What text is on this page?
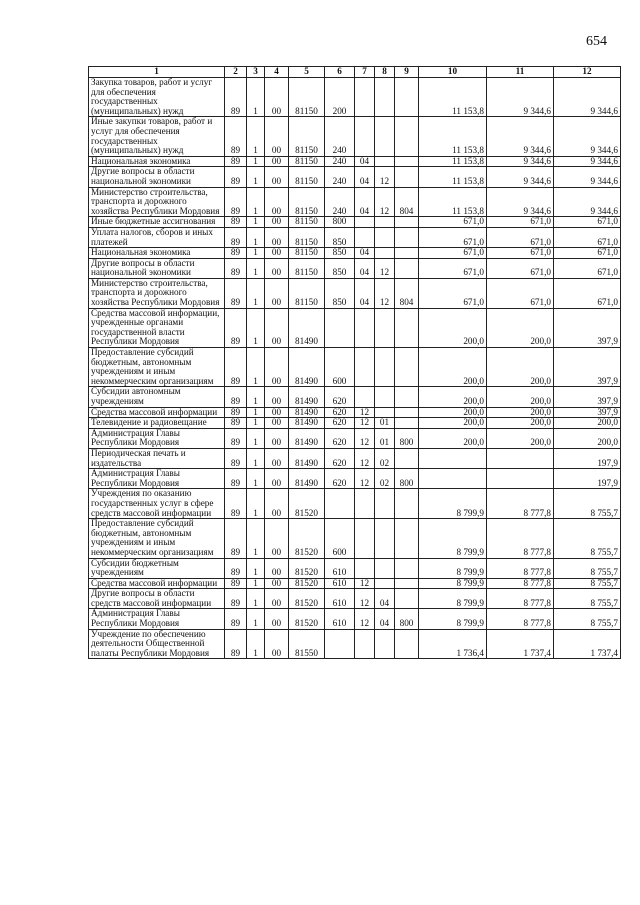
654
1	2	3	4	5	6	7	8	9	10	11	12
Закупка товаров, работ и услуг для обеспечения государственных (муниципальных) нужд	89	1	00	81150	200				11 153,8	9 344,6	9 344,6
Иные закупки товаров, работ и услуг для обеспечения государственных (муниципальных) нужд	89	1	00	81150	240				11 153,8	9 344,6	9 344,6
Национальная экономика	89	1	00	81150	240	04			11 153,8	9 344,6	9 344,6
Другие вопросы в области национальной экономики	89	1	00	81150	240	04	12		11 153,8	9 344,6	9 344,6
Министерство строительства, транспорта и дорожного хозяйства Республики Мордовия	89	1	00	81150	240	04	12	804	11 153,8	9 344,6	9 344,6
Иные бюджетные ассигнования	89	1	00	81150	800				671,0	671,0	671,0
Уплата налогов, сборов и иных платежей	89	1	00	81150	850				671,0	671,0	671,0
Национальная экономика	89	1	00	81150	850	04			671,0	671,0	671,0
Другие вопросы в области национальной экономики	89	1	00	81150	850	04	12		671,0	671,0	671,0
Министерство строительства, транспорта и дорожного хозяйства Республики Мордовия	89	1	00	81150	850	04	12	804	671,0	671,0	671,0
Средства массовой информации, учрежденные органами государственной власти Республики Мордовия	89	1	00	81490					200,0	200,0	397,9
Предоставление субсидий бюджетным, автономным учреждениям и иным некоммерческим организациям	89	1	00	81490	600				200,0	200,0	397,9
Субсидии автономным учреждениям	89	1	00	81490	620				200,0	200,0	397,9
Средства массовой информации	89	1	00	81490	620	12			200,0	200,0	397,9
Телевидение и радиовещание	89	1	00	81490	620	12	01		200,0	200,0	200,0
Администрация Главы Республики Мордовия	89	1	00	81490	620	12	01	800	200,0	200,0	200,0
Периодическая печать и издательства	89	1	00	81490	620	12	02				197,9
Администрация Главы Республики Мордовия	89	1	00	81490	620	12	02	800			197,9
Учреждения по оказанию государственных услуг в сфере средств массовой информации	89	1	00	81520					8 799,9	8 777,8	8 755,7
Предоставление субсидий бюджетным, автономным учреждениям и иным некоммерческим организациям	89	1	00	81520	600				8 799,9	8 777,8	8 755,7
Субсидии бюджетным учреждениям	89	1	00	81520	610				8 799,9	8 777,8	8 755,7
Средства массовой информации	89	1	00	81520	610	12			8 799,9	8 777,8	8 755,7
Другие вопросы в области средств массовой информации	89	1	00	81520	610	12	04		8 799,9	8 777,8	8 755,7
Администрация Главы Республики Мордовия	89	1	00	81520	610	12	04	800	8 799,9	8 777,8	8 755,7
Учреждение по обеспечению деятельности Общественной палаты Республики Мордовия	89	1	00	81550					1 736,4	1 737,4	1 737,4
